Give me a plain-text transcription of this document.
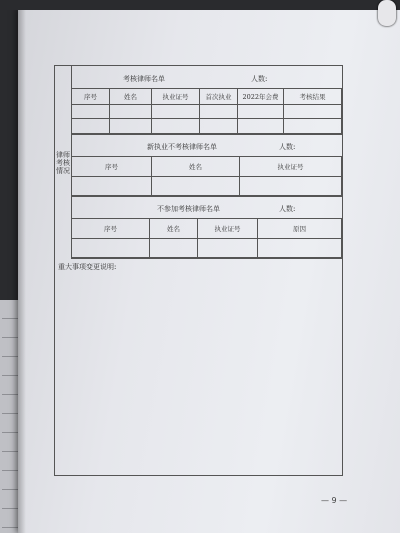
律师考核情况
考核律师名单	人数:
序号	姓名	执业证号	首次执业	2022年会费	考核结果

新执业不考核律师名单	人数:
序号	姓名	执业证号

不参加考核律师名单	人数:
序号	姓名	执业证号	原因

重大事项变更说明:
— 9 —
